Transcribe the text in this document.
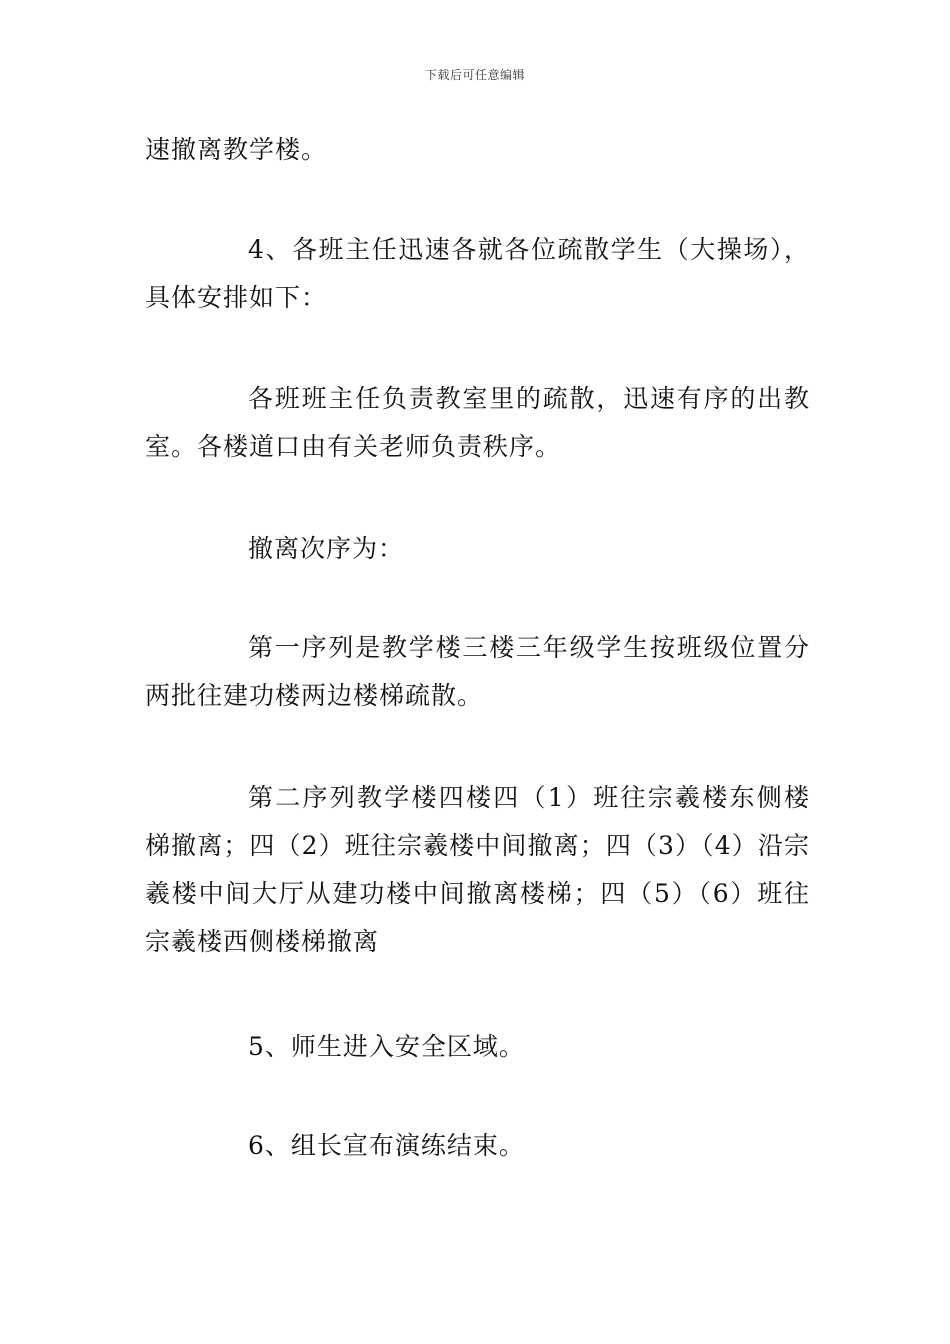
下载后可任意编辑

速撤离教学楼。

4、各班主任迅速各就各位疏散学生（大操场），具体安排如下：

各班班主任负责教室里的疏散，迅速有序的出教室。各楼道口由有关老师负责秩序。

撤离次序为：

第一序列是教学楼三楼三年级学生按班级位置分两批往建功楼两边楼梯疏散。

第二序列教学楼四楼四（1）班往宗羲楼东侧楼梯撤离；四（2）班往宗羲楼中间撤离；四（3）（4）沿宗羲楼中间大厅从建功楼中间撤离楼梯；四（5）（6）班往宗羲楼西侧楼梯撤离

5、师生进入安全区域。

6、组长宣布演练结束。
